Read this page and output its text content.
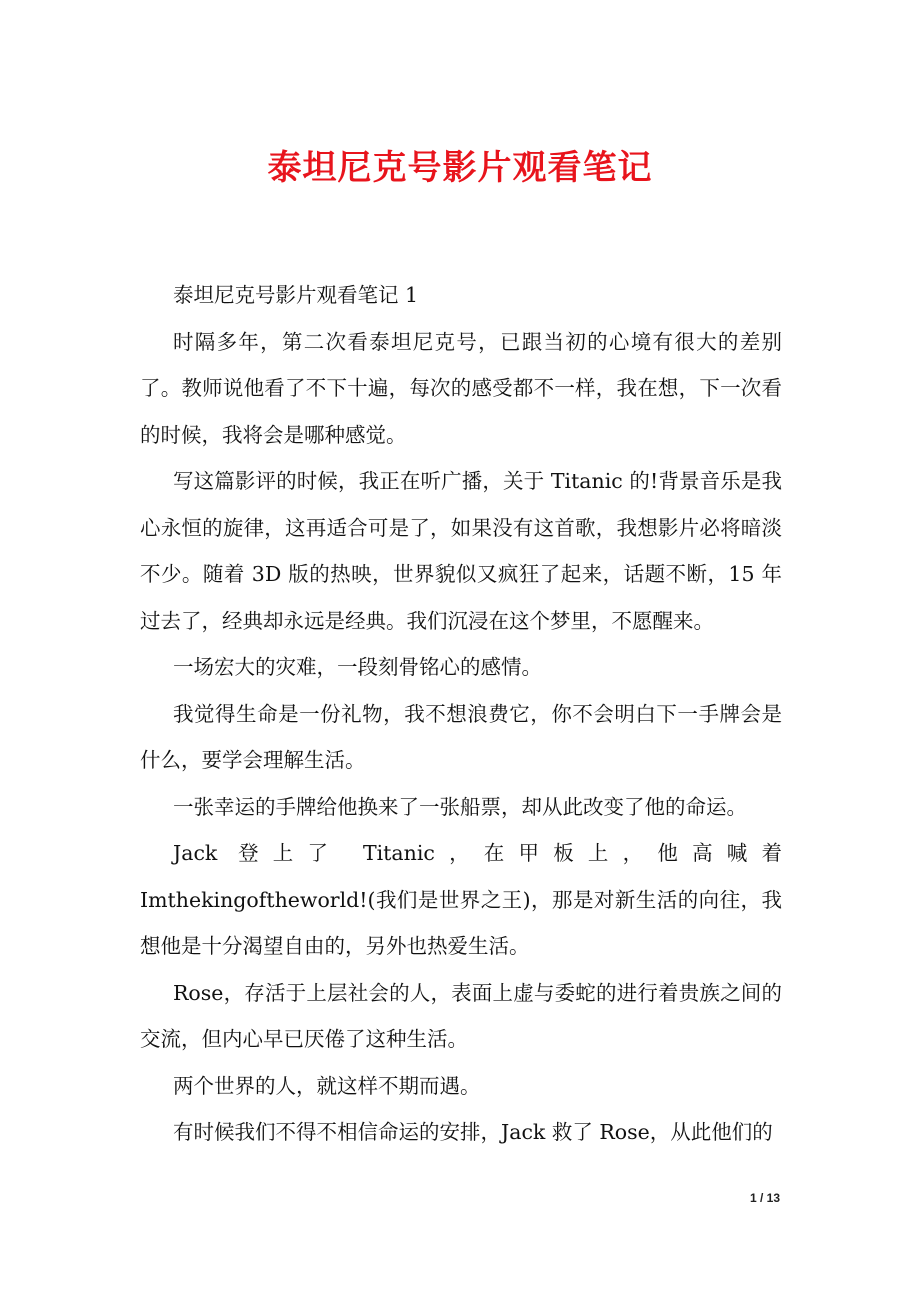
泰坦尼克号影片观看笔记

泰坦尼克号影片观看笔记 1

时隔多年，第二次看泰坦尼克号，已跟当初的心境有很大的差别了。教师说他看了不下十遍，每次的感受都不一样，我在想，下一次看的时候，我将会是哪种感觉。

写这篇影评的时候，我正在听广播，关于 Titanic 的!背景音乐是我心永恒的旋律，这再适合可是了，如果没有这首歌，我想影片必将暗淡不少。随着 3D 版的热映，世界貌似又疯狂了起来，话题不断，15 年过去了，经典却永远是经典。我们沉浸在这个梦里，不愿醒来。

一场宏大的灾难，一段刻骨铭心的感情。

我觉得生命是一份礼物，我不想浪费它，你不会明白下一手牌会是什么，要学会理解生活。

一张幸运的手牌给他换来了一张船票，却从此改变了他的命运。

Jack 登上了 Titanic，在甲板上，他高喊着 Imthekingoftheworld!(我们是世界之王)，那是对新生活的向往，我想他是十分渴望自由的，另外也热爱生活。

Rose，存活于上层社会的人，表面上虚与委蛇的进行着贵族之间的交流，但内心早已厌倦了这种生活。

两个世界的人，就这样不期而遇。

有时候我们不得不相信命运的安排，Jack 救了 Rose，从此他们的

1 / 13
